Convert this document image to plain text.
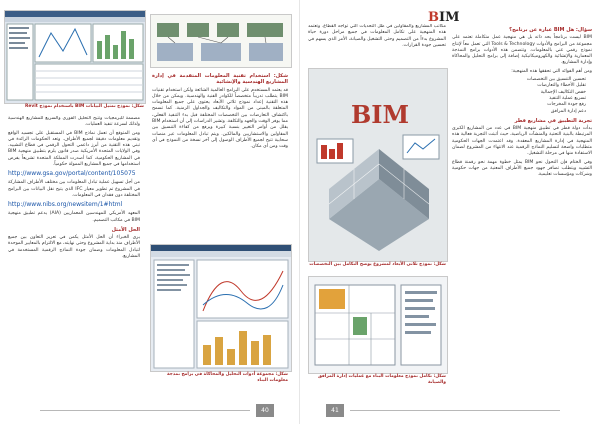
شكل: نموذج تمثيل البيانات BIM باستخدام نموذج Revit

مصممة للبرمجيات وتتيح التحليل الفوري والسريع للمشاريع الهندسية ولذلك لسرعة تنفيذ العمليات.

ومن المتوقع أن تعمل نماذج BIM في المستقبل على تجسيد الواقع وتقديم معلومات دقيقة لجميع الأطراف. وتعد الحكومات الرائدة في تبني هذه التقنية من أبرز داعمي التحول الرقمي في قطاع التشييد. وفي الولايات المتحدة الأمريكية صدر قانون يلزم بتطبيق منهجية BIM في المشاريع الحكومية، كما أصدرت المملكة المتحدة تشريعاً يفرض استخدامها في جميع المشاريع الممولة حكومياً.

http://www.gsa.gov/portal/content/105075

من أجل تسهيل عملية تبادل المعلومات بين مختلف الأطراف المشاركة في المشروع تم تطوير معيار IFC الذي يتيح نقل البيانات بين البرامج المختلفة دون فقدان في المعلومات.

http://www.nibs.org/newsitem/1#html

المعهد الأمريكي للمهندسين المعماريين (AIA) يدعم تطبيق منهجية BIM في مكاتب التصميم.

الحل الأمثل

يرى الخبراء أن الحل الأمثل يكمن في تعزيز التعاون بين جميع الأطراف منذ بداية المشروع وحتى نهايته، مع الالتزام بالمعايير الموحدة لتبادل المعلومات وضمان جودة النماذج الرقمية المستخدمة في المشاريع.

شكل: استخدام تقنية المعلومات المتقدمة في إدارة المشاريع الهندسية والإنشائية

قد يعتمد المستخدم على البرامج العالمية الشائعة ولكن استخدام تقنيات BIM يتطلب تدريباً متخصصاً للكوادر الفنية والهندسية. ويمكن من خلال هذه التقنية إعداد نموذج ثلاثي الأبعاد يحتوي على جميع المعلومات المتعلقة بالمبنى من المواد والتكاليف والجداول الزمنية. كما تسمح باكتشاف التعارضات بين التخصصات المختلفة قبل بدء التنفيذ الفعلي، مما يوفر الوقت والجهد والتكلفة. وتشير الدراسات إلى أن استخدام BIM يقلل من أوامر التغيير بنسبة كبيرة ويرفع من كفاءة التنسيق بين المقاولين والاستشاريين والمالكين. ويتم تبادل المعلومات عبر منصات سحابية تتيح لجميع الأطراف الوصول إلى آخر نسخة من النموذج في أي وقت ومن أي مكان.

شكل: مجموعة أدوات التحليل والمحاكاة في برامج نمذجة معلومات البناء
40
BIM

مكاتب المشاريع والمقاولين في ظل التحديات التي تواجه القطاع. وتعتمد هذه المنهجية على تكامل المعلومات في جميع مراحل دورة حياة المشروع بدءاً من التصميم وحتى التشغيل والصيانة، الأمر الذي يسهم في تحسين جودة القرارات.

BIM
شكل: نموذج ثلاثي الأبعاد لمشروع يوضح التكامل بين التخصصات
شكل: تكامل نموذج معلومات البناء مع عمليات إدارة المرافق والصيانة

سؤال: هل BIM عبارة عن برنامج؟

BIM ليست برنامجاً بحد ذاته بل هي منهجية عمل متكاملة تعتمد على مجموعة من البرامج والأدوات Tools & Technology التي تعمل معاً لإنتاج نموذج رقمي غني بالمعلومات. وتتضمن هذه الأدوات برامج النمذجة المعمارية والإنشائية والكهروميكانيكية إضافة إلى برامج التحليل والمحاكاة وإدارة المشاريع.

ومن أهم الفوائد التي تحققها هذه المنهجية:

• تحسين التنسيق بين التخصصات
• تقليل الأخطاء والتعارضات
• خفض التكاليف الإجمالية
• تسريع عملية التنفيذ
• رفع جودة المخرجات
• دعم إدارة المرافق

تجربة التطبيق في مشاريع قطر

بدأت دولة قطر في تطبيق منهجية BIM في عدد من المشاريع الكبرى المرتبطة بالبنية التحتية والمنشآت الرياضية، حيث أثبتت التجربة فعالية هذه المنهجية في إدارة المشاريع المعقدة. وقد اعتمدت الجهات الحكومية متطلبات واضحة لتسليم النماذج الرقمية عند الانتهاء من المشروع لضمان الاستفادة منها في مرحلة التشغيل.

وفي الختام فإن التحول نحو BIM يمثل خطوة مهمة نحو رقمنة قطاع التشييد ويتطلب تضافر جهود جميع الأطراف المعنية من جهات حكومية وشركات ومؤسسات تعليمية.

41
